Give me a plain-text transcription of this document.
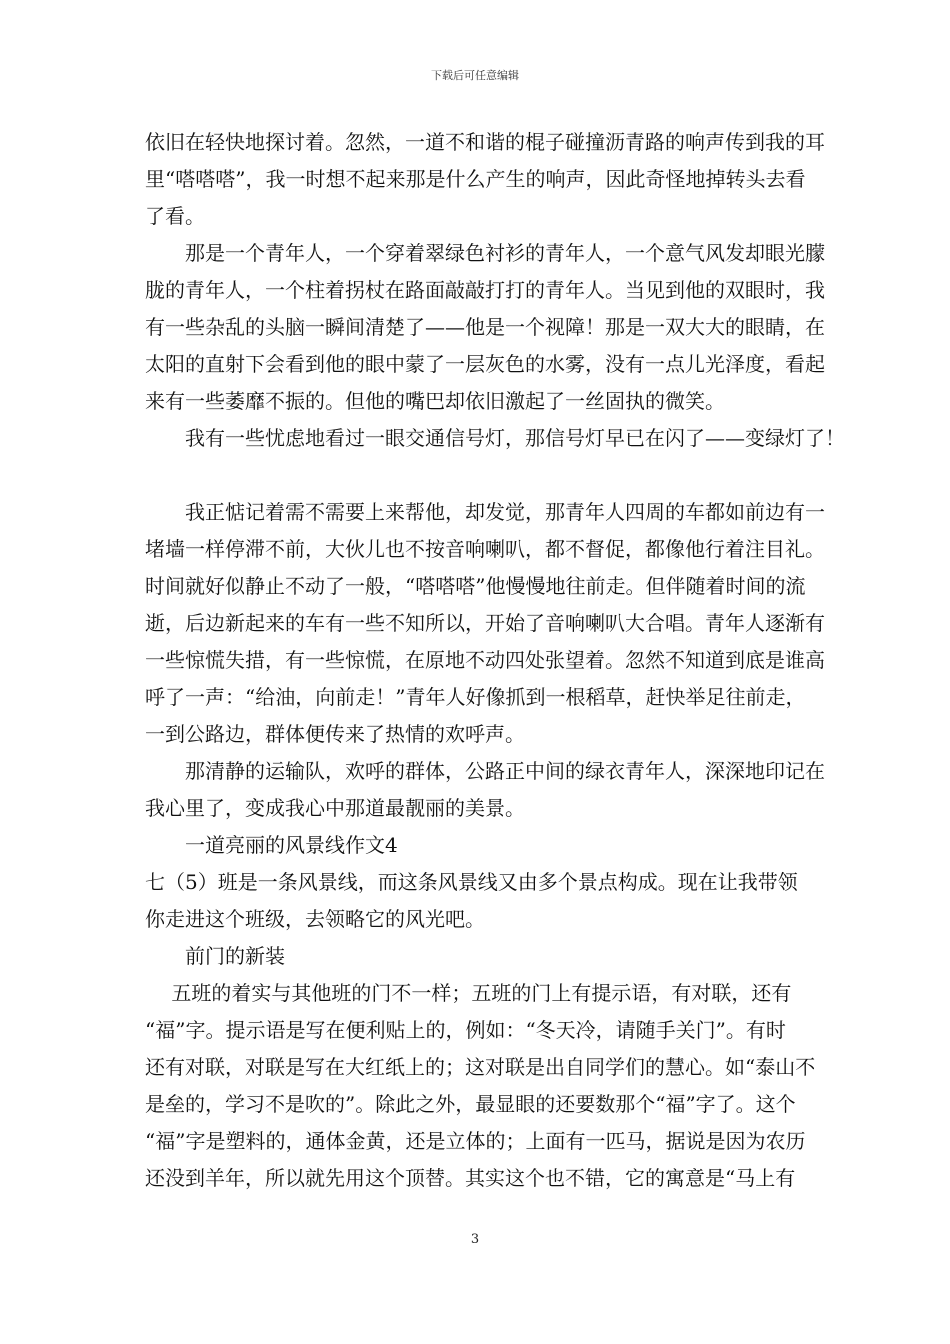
下载后可任意编辑
依旧在轻快地探讨着。忽然，一道不和谐的棍子碰撞沥青路的响声传到我的耳
里“嗒嗒嗒”，我一时想不起来那是什么产生的响声，因此奇怪地掉转头去看
了看。
　　那是一个青年人，一个穿着翠绿色衬衫的青年人，一个意气风发却眼光朦
胧的青年人，一个柱着拐杖在路面敲敲打打的青年人。当见到他的双眼时，我
有一些杂乱的头脑一瞬间清楚了——他是一个视障！那是一双大大的眼睛，在
太阳的直射下会看到他的眼中蒙了一层灰色的水雾，没有一点儿光泽度，看起
来有一些萎靡不振的。但他的嘴巴却依旧激起了一丝固执的微笑。
　　我有一些忧虑地看过一眼交通信号灯，那信号灯早已在闪了——变绿灯了！
　　我正惦记着需不需要上来帮他，却发觉，那青年人四周的车都如前边有一
堵墙一样停滞不前，大伙儿也不按音响喇叭，都不督促，都像他行着注目礼。
时间就好似静止不动了一般，“嗒嗒嗒”他慢慢地往前走。但伴随着时间的流
逝，后边新起来的车有一些不知所以，开始了音响喇叭大合唱。青年人逐渐有
一些惊慌失措，有一些惊慌，在原地不动四处张望着。忽然不知道到底是谁高
呼了一声：“给油，向前走！”青年人好像抓到一根稻草，赶快举足往前走，
一到公路边，群体便传来了热情的欢呼声。
　　那清静的运输队，欢呼的群体，公路正中间的绿衣青年人，深深地印记在
我心里了，变成我心中那道最靓丽的美景。
　　一道亮丽的风景线作文4
七（5）班是一条风景线，而这条风景线又由多个景点构成。现在让我带领
你走进这个班级，去领略它的风光吧。
　　前门的新装
　 五班的着实与其他班的门不一样；五班的门上有提示语，有对联，还有
“福”字。提示语是写在便利贴上的，例如：“冬天冷，请随手关门”。有时
还有对联，对联是写在大红纸上的；这对联是出自同学们的慧心。如“泰山不
是垒的，学习不是吹的”。除此之外，最显眼的还要数那个“福”字了。这个
“福”字是塑料的，通体金黄，还是立体的；上面有一匹马，据说是因为农历
还没到羊年，所以就先用这个顶替。其实这个也不错，它的寓意是“马上有
3
